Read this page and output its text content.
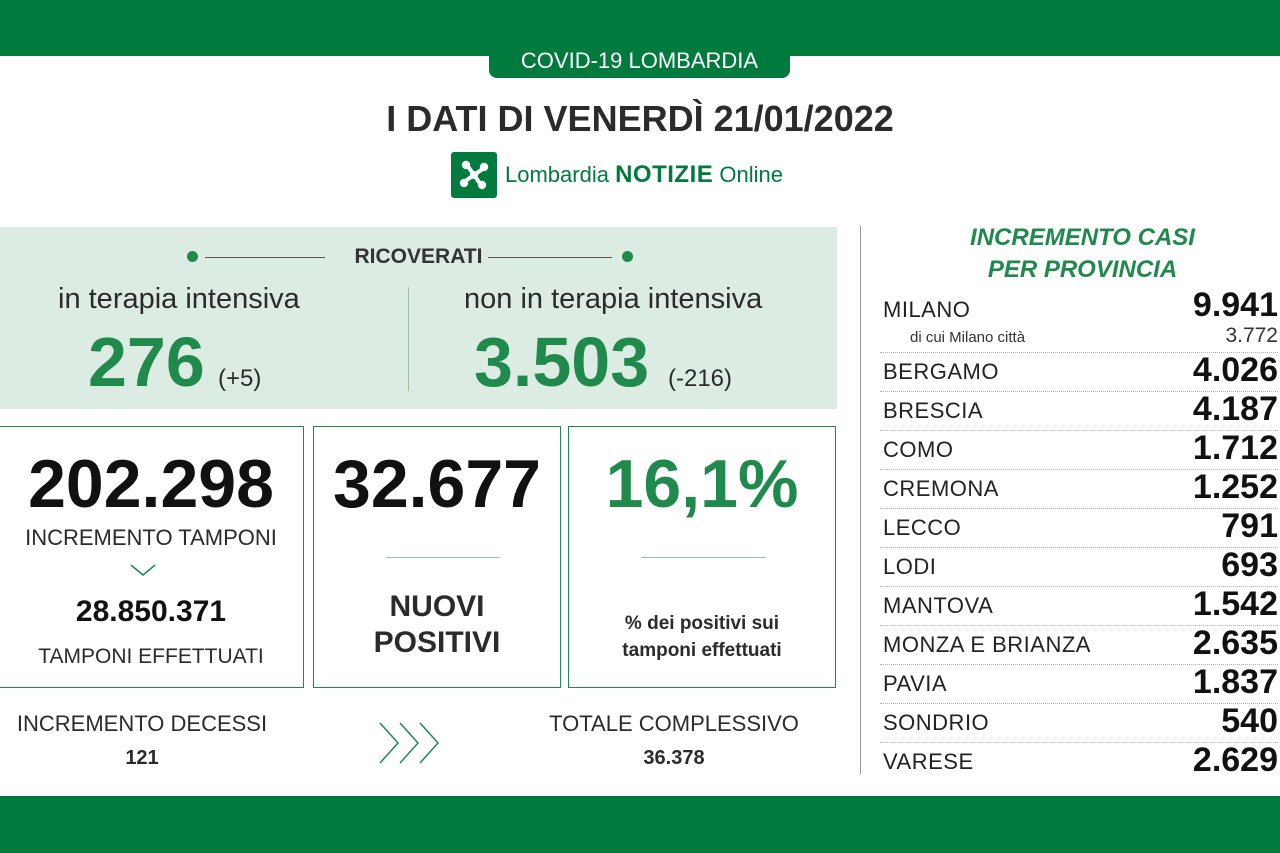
COVID-19 LOMBARDIA
I DATI DI VENERDÌ 21/01/2022
Lombardia NOTIZIE Online
RICOVERATI
in terapia intensiva
276 (+5)
non in terapia intensiva
3.503 (-216)
202.298
INCREMENTO TAMPONI
28.850.371
TAMPONI EFFETTUATI
32.677
NUOVI
POSITIVI
16,1%
% dei positivi sui
tamponi effettuati
INCREMENTO DECESSI
121
TOTALE COMPLESSIVO
36.378
INCREMENTO CASI
PER PROVINCIA
MILANO	9.941
di cui Milano città	3.772
BERGAMO	4.026
BRESCIA	4.187
COMO	1.712
CREMONA	1.252
LECCO	791
LODI	693
MANTOVA	1.542
MONZA E BRIANZA	2.635
PAVIA	1.837
SONDRIO	540
VARESE	2.629
